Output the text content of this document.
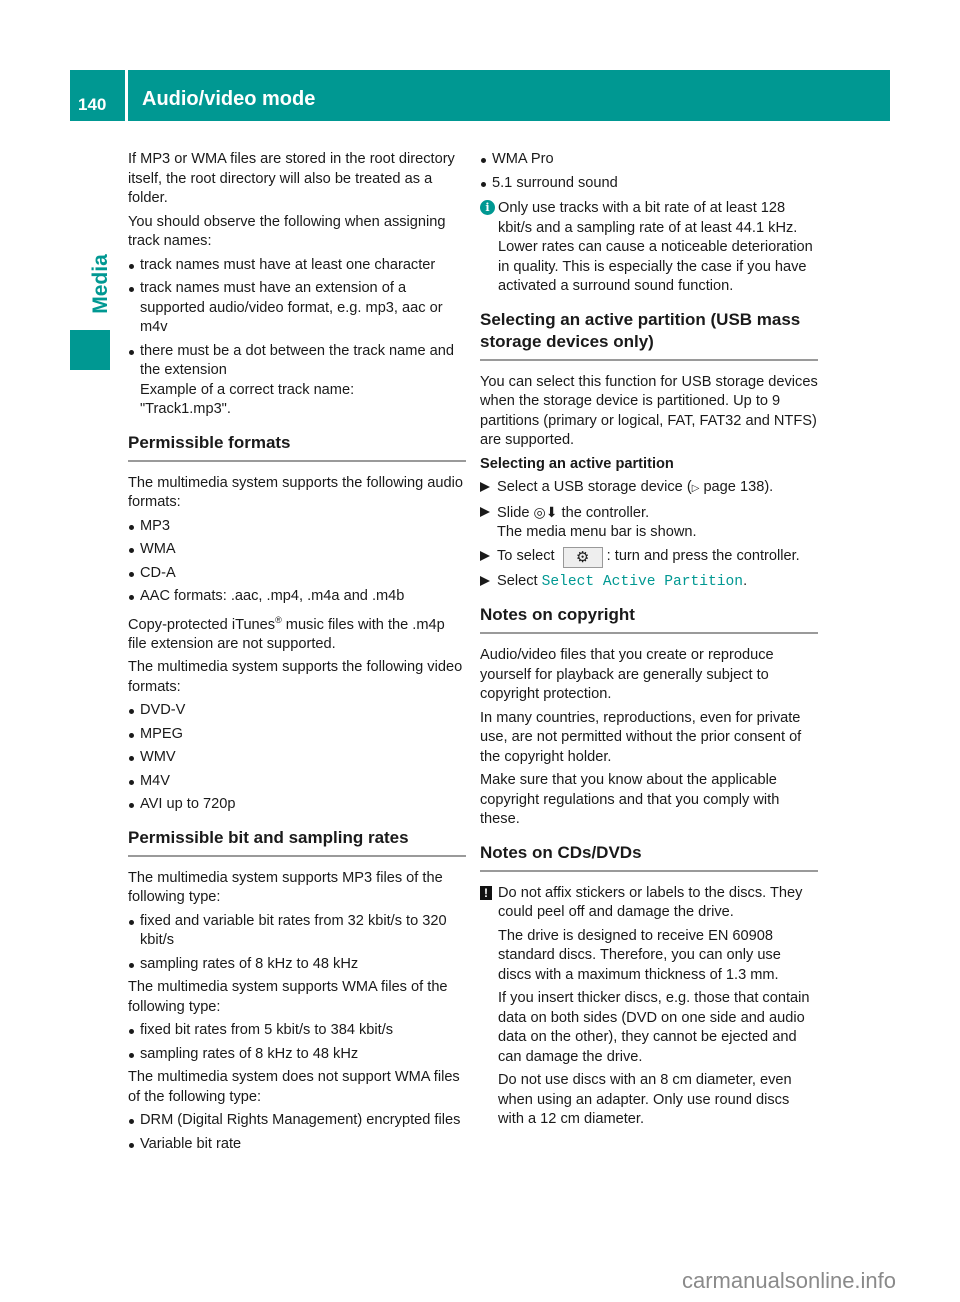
140 Audio/video mode
Media

If MP3 or WMA files are stored in the root directory itself, the root directory will also be treated as a folder.

You should observe the following when assigning track names:

track names must have at least one character
track names must have an extension of a supported audio/video format, e.g. mp3, aac or m4v
there must be a dot between the track name and the extension
Example of a correct track name:
"Track1.mp3".
Permissible formats

The multimedia system supports the following audio formats:

MP3
WMA
CD-A
AAC formats: .aac, .mp4, .m4a and .m4b

Copy-protected iTunes® music files with the .m4p file extension are not supported.

The multimedia system supports the following video formats:

DVD-V
MPEG
WMV
M4V
AVI up to 720p
Permissible bit and sampling rates

The multimedia system supports MP3 files of the following type:

fixed and variable bit rates from 32 kbit/s to 320 kbit/s
sampling rates of 8 kHz to 48 kHz

The multimedia system supports WMA files of the following type:

fixed bit rates from 5 kbit/s to 384 kbit/s
sampling rates of 8 kHz to 48 kHz

The multimedia system does not support WMA files of the following type:

DRM (Digital Rights Management) encrypted files
Variable bit rate
WMA Pro
5.1 surround sound
i Only use tracks with a bit rate of at least 128 kbit/s and a sampling rate of at least 44.1 kHz. Lower rates can cause a noticeable deterioration in quality. This is especially the case if you have activated a surround sound function.
Selecting an active partition (USB mass storage devices only)

You can select this function for USB storage devices when the storage device is partitioned. Up to 9 partitions (primary or logical, FAT, FAT32 and NTFS) are supported.

Selecting an active partition
Select a USB storage device (▷ page 138).
Slide ◎⬇ the controller.
The media menu bar is shown.
To select ⚙ : turn and press the controller.
Select Select Active Partition.
Notes on copyright

Audio/video files that you create or reproduce yourself for playback are generally subject to copyright protection.

In many countries, reproductions, even for private use, are not permitted without the prior consent of the copyright holder.

Make sure that you know about the applicable copyright regulations and that you comply with these.

Notes on CDs/DVDs
! Do not affix stickers or labels to the discs. They could peel off and damage the drive.

The drive is designed to receive EN 60908 standard discs. Therefore, you can only use discs with a maximum thickness of 1.3 mm.

If you insert thicker discs, e.g. those that contain data on both sides (DVD on one side and audio data on the other), they cannot be ejected and can damage the drive.

Do not use discs with an 8 cm diameter, even when using an adapter. Only use round discs with a 12 cm diameter.

carmanualsonline.info
